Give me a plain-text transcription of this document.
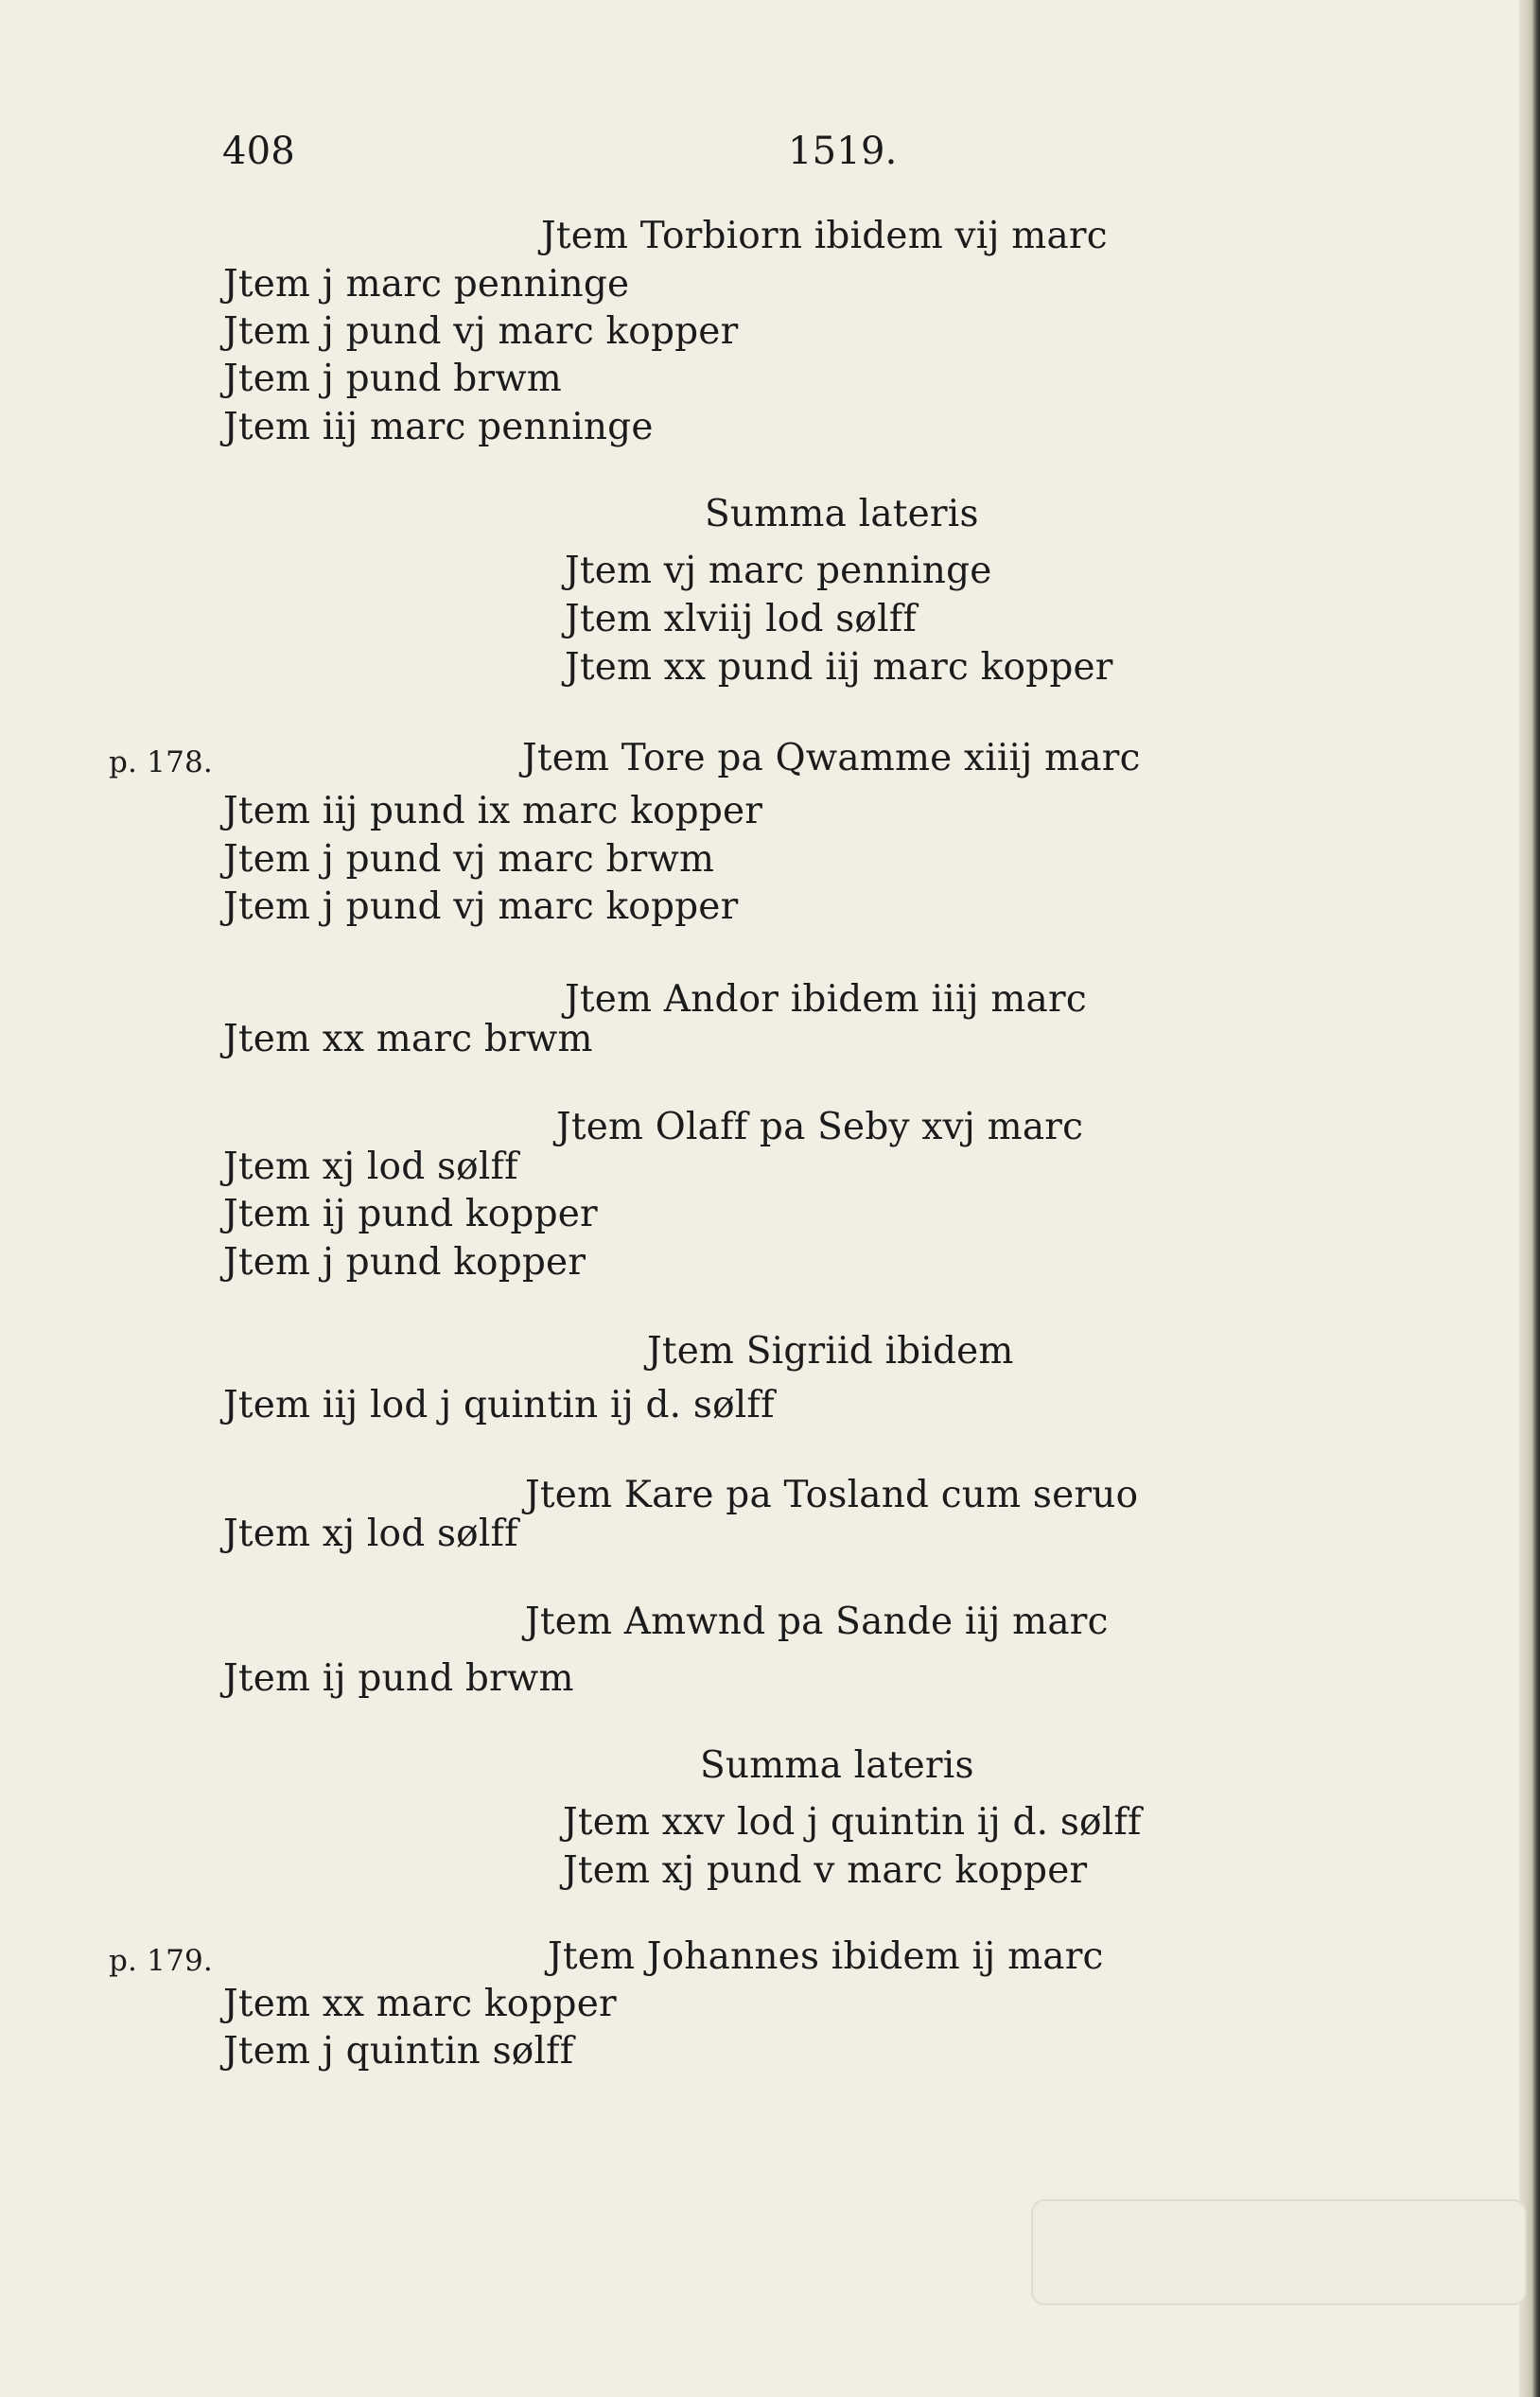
408	1519.
Jtem Torbiorn ibidem vij marc
Jtem j marc penninge
Jtem j pund vj marc kopper
Jtem j pund brwm
Jtem iij marc penninge
Summa lateris
Jtem vj marc penninge
Jtem xlviij lod sølff
Jtem xx pund iij marc kopper
Jtem Tore pa Qwamme xiiij marc
Jtem iij pund ix marc kopper
Jtem j pund vj marc brwm
Jtem j pund vj marc kopper
Jtem Andor ibidem iiij marc
Jtem xx marc brwm
Jtem Olaff pa Seby xvj marc
Jtem xj lod sølff
Jtem ij pund kopper
Jtem j pund kopper
Jtem Sigriid ibidem
Jtem iij lod j quintin ij d. sølff
Jtem Kare pa Tosland cum seruo
Jtem xj lod sølff
Jtem Amwnd pa Sande iij marc
Jtem ij pund brwm
Summa lateris
Jtem xxv lod j quintin ij d. sølff
Jtem xj pund v marc kopper
Jtem Johannes ibidem ij marc
Jtem xx marc kopper
Jtem j quintin sølff
p. 178.
p. 179.
